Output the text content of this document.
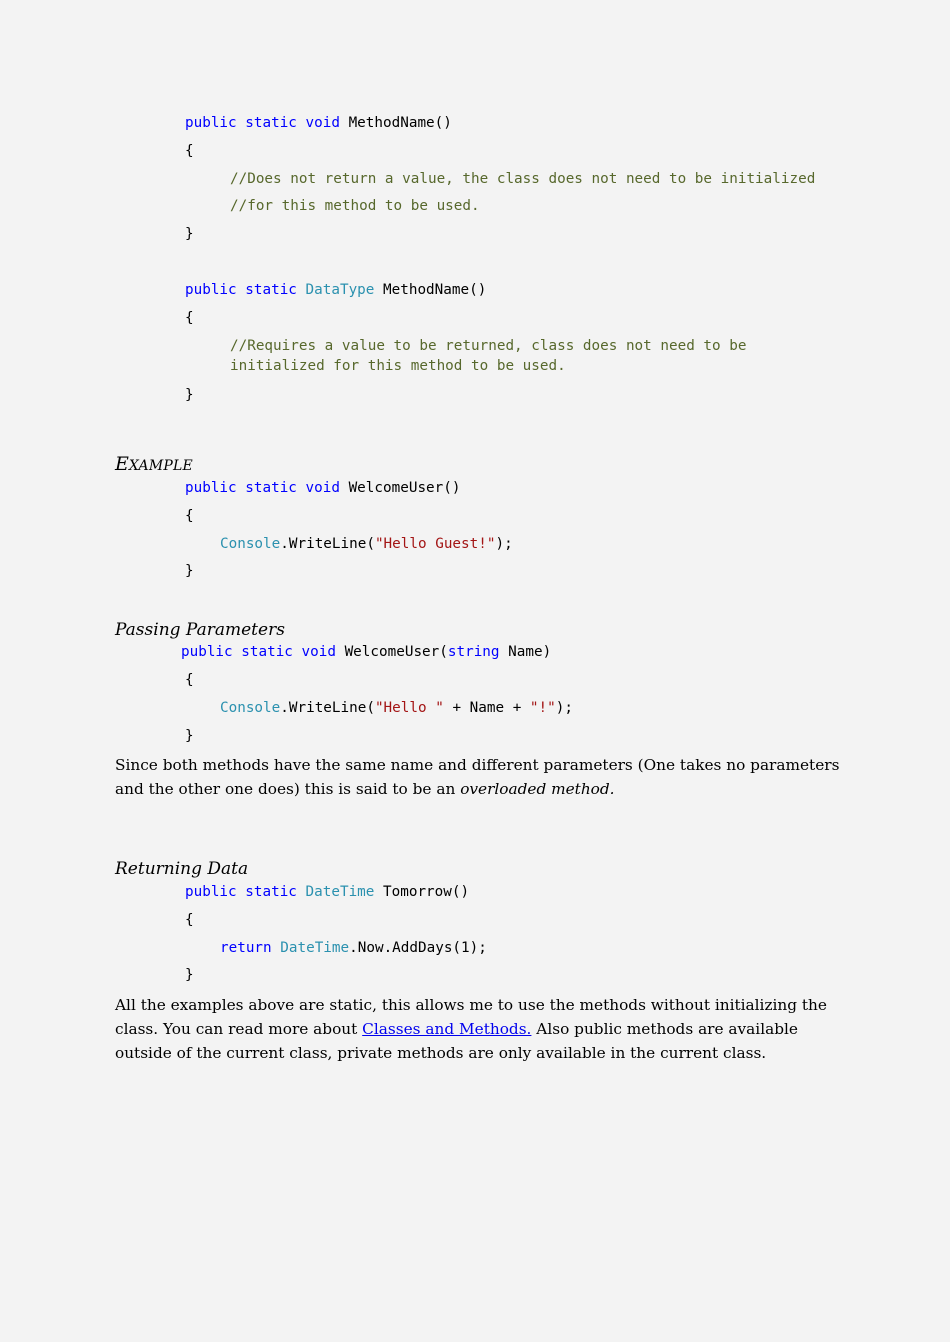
public static void MethodName()
{
//Does not return a value, the class does not need to be initialized
//for this method to be used.
}
public static DataType MethodName()
{
//Requires a value to be returned, class does not need to be
initialized for this method to be used.
}
EXAMPLE
public static void WelcomeUser()
{
Console.WriteLine("Hello Guest!");
}
Passing Parameters
public static void WelcomeUser(string Name)
{
Console.WriteLine("Hello " + Name + "!");
}
Since both methods have the same name and different parameters (One takes no parameters and the other one does) this is said to be an overloaded method.
Returning Data
public static DateTime Tomorrow()
{
return DateTime.Now.AddDays(1);
}
All the examples above are static, this allows me to use the methods without initializing the class. You can read more about Classes and Methods. Also public methods are available outside of the current class, private methods are only available in the current class.
